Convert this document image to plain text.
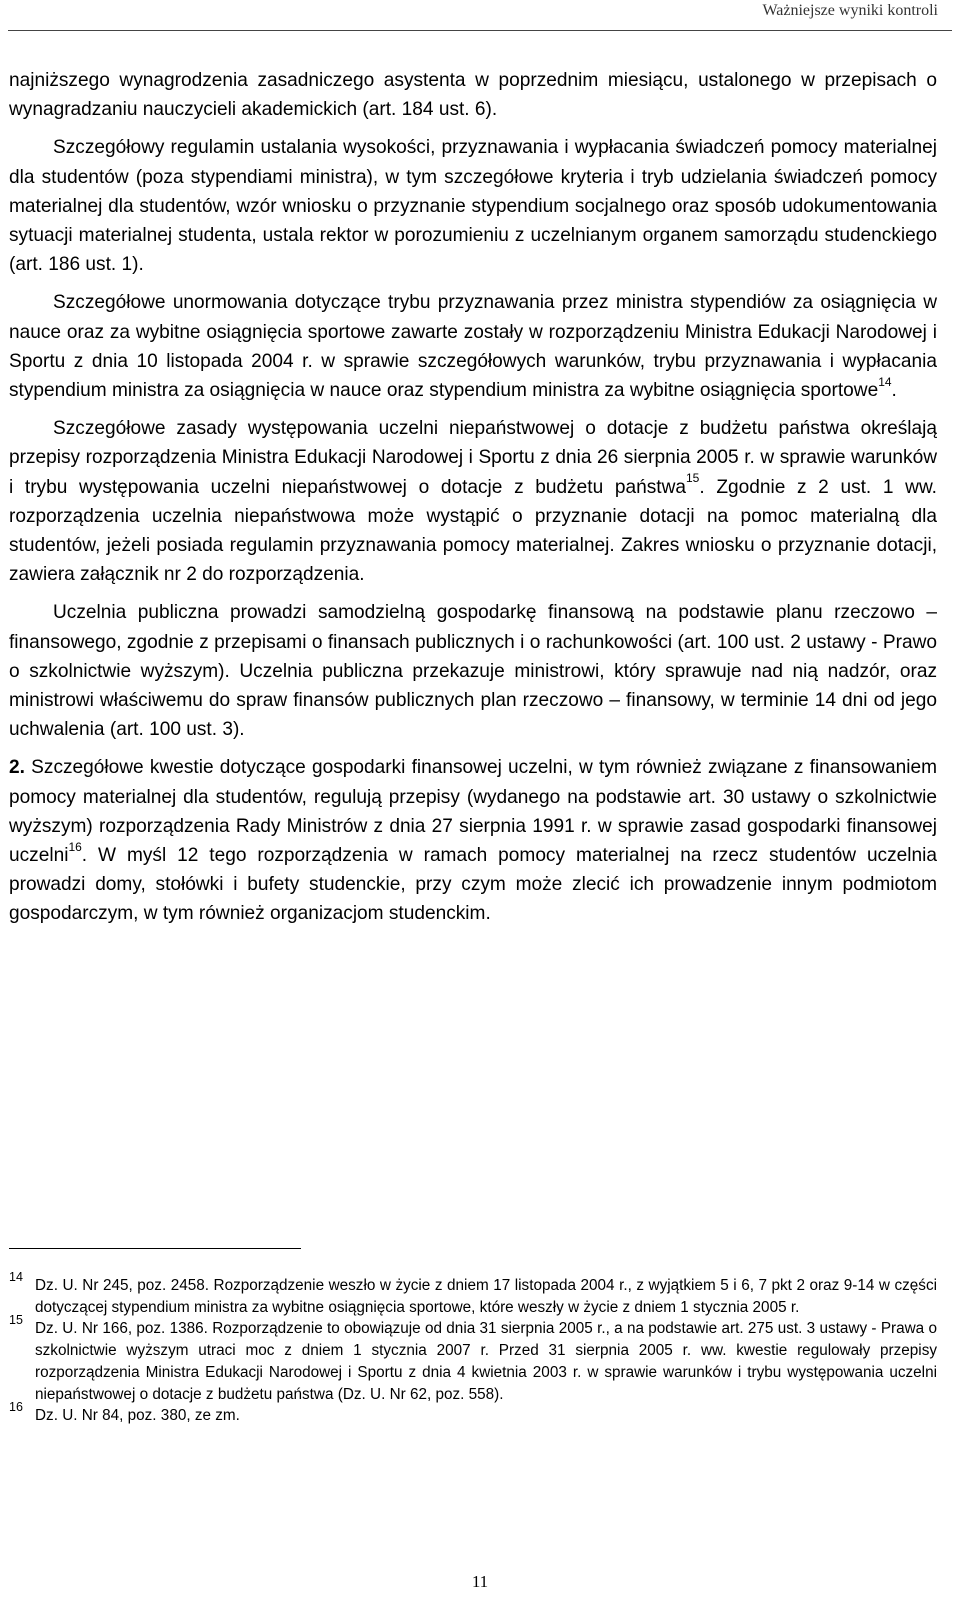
Ważniejsze wyniki kontroli

najniższego wynagrodzenia zasadniczego asystenta w poprzednim miesiącu, ustalonego w przepisach o wynagradzaniu nauczycieli akademickich (art. 184 ust. 6).

Szczegółowy regulamin ustalania wysokości, przyznawania i wypłacania świadczeń pomocy materialnej dla studentów (poza stypendiami ministra), w tym szczegółowe kryteria i tryb udzielania świadczeń pomocy materialnej dla studentów, wzór wniosku o przyznanie stypendium socjalnego oraz sposób udokumentowania sytuacji materialnej studenta, ustala rektor w porozumieniu z uczelnianym organem samorządu studenckiego (art. 186 ust. 1).

Szczegółowe unormowania dotyczące trybu przyznawania przez ministra stypendiów za osiągnięcia w nauce oraz za wybitne osiągnięcia sportowe zawarte zostały w rozporządzeniu Ministra Edukacji Narodowej i Sportu z dnia 10 listopada 2004 r. w sprawie szczegółowych warunków, trybu przyznawania i wypłacania stypendium ministra za osiągnięcia w nauce oraz stypendium ministra za wybitne osiągnięcia sportowe$^{14}$.

Szczegółowe zasady występowania uczelni niepaństwowej o dotacje z budżetu państwa określają przepisy rozporządzenia Ministra Edukacji Narodowej i Sportu z dnia 26 sierpnia 2005 r. w sprawie warunków i trybu występowania uczelni niepaństwowej o dotacje z budżetu państwa$^{15}$. Zgodnie z 2 ust. 1 ww. rozporządzenia uczelnia niepaństwowa może wystąpić o przyznanie dotacji na pomoc materialną dla studentów, jeżeli posiada regulamin przyznawania pomocy materialnej. Zakres wniosku o przyznanie dotacji, zawiera załącznik nr 2 do rozporządzenia.

Uczelnia publiczna prowadzi samodzielną gospodarkę finansową na podstawie planu rzeczowo – finansowego, zgodnie z przepisami o finansach publicznych i o rachunkowości (art. 100 ust. 2 ustawy - Prawo o szkolnictwie wyższym). Uczelnia publiczna przekazuje ministrowi, który sprawuje nad nią nadzór, oraz ministrowi właściwemu do spraw finansów publicznych plan rzeczowo – finansowy, w terminie 14 dni od jego uchwalenia (art. 100 ust. 3).

2. Szczegółowe kwestie dotyczące gospodarki finansowej uczelni, w tym również związane z finansowaniem pomocy materialnej dla studentów, regulują przepisy (wydanego na podstawie art. 30 ustawy o szkolnictwie wyższym) rozporządzenia Rady Ministrów z dnia 27 sierpnia 1991 r. w sprawie zasad gospodarki finansowej uczelni$^{16}$. W myśl 12 tego rozporządzenia w ramach pomocy materialnej na rzecz studentów uczelnia prowadzi domy, stołówki i bufety studenckie, przy czym może zlecić ich prowadzenie innym podmiotom gospodarczym, w tym również organizacjom studenckim.

14 Dz. U. Nr 245, poz. 2458. Rozporządzenie weszło w życie z dniem 17 listopada 2004 r., z wyjątkiem 5 i 6, 7 pkt 2 oraz 9-14 w części dotyczącej stypendium ministra za wybitne osiągnięcia sportowe, które weszły w życie z dniem 1 stycznia 2005 r.
15 Dz. U. Nr 166, poz. 1386. Rozporządzenie to obowiązuje od dnia 31 sierpnia 2005 r., a na podstawie art. 275 ust. 3 ustawy - Prawa o szkolnictwie wyższym utraci moc z dniem 1 stycznia 2007 r. Przed 31 sierpnia 2005 r. ww. kwestie regulowały przepisy rozporządzenia Ministra Edukacji Narodowej i Sportu z dnia 4 kwietnia 2003 r. w sprawie warunków i trybu występowania uczelni niepaństwowej o dotacje z budżetu państwa (Dz. U. Nr 62, poz. 558).
16 Dz. U. Nr 84, poz. 380, ze zm.
11
